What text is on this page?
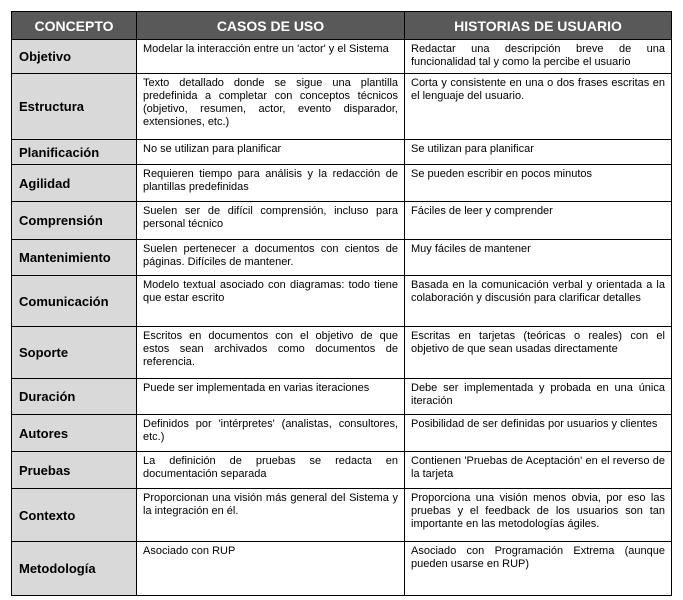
CONCEPTO	CASOS DE USO	HISTORIAS DE USUARIO
Objetivo	Modelar la interacción entre un 'actor' y el Sistema	Redactar una descripción breve de una funcionalidad tal y como la percibe el usuario
Estructura	Texto detallado donde se sigue una plantilla predefinida a completar con conceptos técnicos (objetivo, resumen, actor, evento disparador, extensiones, etc.)	Corta y consistente en una o dos frases escritas en el lenguaje del usuario.
Planificación	No se utilizan para planificar	Se utilizan para planificar
Agilidad	Requieren tiempo para análisis y la redacción de plantillas predefinidas	Se pueden escribir en pocos minutos
Comprensión	Suelen ser de difícil comprensión, incluso para personal técnico	Fáciles de leer y comprender
Mantenimiento	Suelen pertenecer a documentos con cientos de páginas. Difíciles de mantener.	Muy fáciles de mantener
Comunicación	Modelo textual asociado con diagramas: todo tiene que estar escrito	Basada en la comunicación verbal y orientada a la colaboración y discusión para clarificar detalles
Soporte	Escritos en documentos con el objetivo de que estos sean archivados como documentos de referencia.	Escritas en tarjetas (teóricas o reales) con el objetivo de que sean usadas directamente
Duración	Puede ser implementada en varias iteraciones	Debe ser implementada y probada en una única iteración
Autores	Definidos por 'intérpretes' (analistas, consultores, etc.)	Posibilidad de ser definidas por usuarios y clientes
Pruebas	La definición de pruebas se redacta en documentación separada	Contienen 'Pruebas de Aceptación' en el reverso de la tarjeta
Contexto	Proporcionan una visión más general del Sistema y la integración en él.	Proporciona una visión menos obvia, por eso las pruebas y el feedback de los usuarios son tan importante en las metodologías ágiles.
Metodología	Asociado con RUP	Asociado con Programación Extrema (aunque pueden usarse en RUP)
